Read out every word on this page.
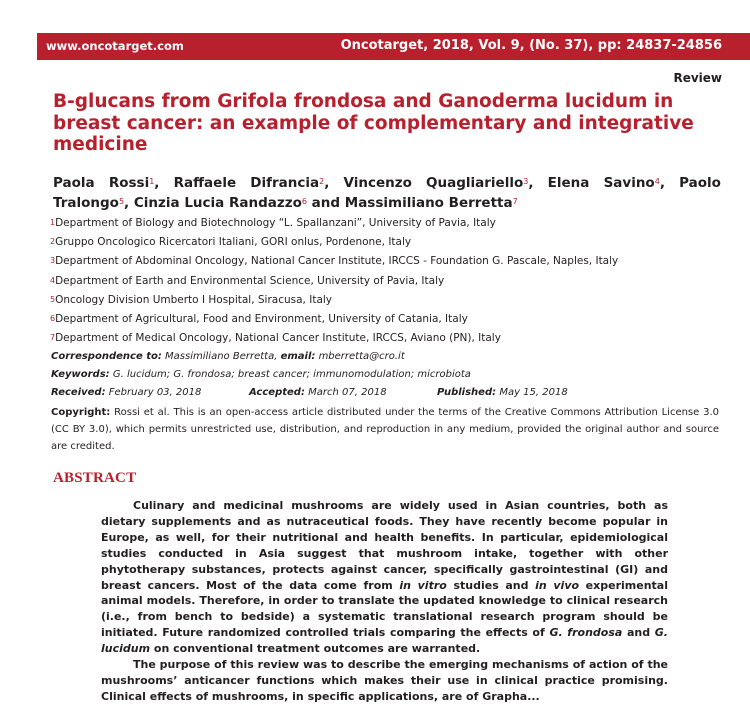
www.oncotarget.com	Oncotarget, 2018, Vol. 9, (No. 37), pp: 24837-24856
Review
B-glucans from Grifola frondosa and Ganoderma lucidum in breast cancer: an example of complementary and integrative medicine
Paola Rossi$^1$, Raffaele Difrancia$^2$, Vincenzo Quagliariello$^3$, Elena Savino$^4$, Paolo Tralongo$^5$, Cinzia Lucia Randazzo$^6$ and Massimiliano Berretta$^7$
$^1$Department of Biology and Biotechnology “L. Spallanzani”, University of Pavia, Italy
$^2$Gruppo Oncologico Ricercatori Italiani, GORI onlus, Pordenone, Italy
$^3$Department of Abdominal Oncology, National Cancer Institute, IRCCS - Foundation G. Pascale, Naples, Italy
$^4$Department of Earth and Environmental Science, University of Pavia, Italy
$^5$Oncology Division Umberto I Hospital, Siracusa, Italy
$^6$Department of Agricultural, Food and Environment, University of Catania, Italy
$^7$Department of Medical Oncology, National Cancer Institute, IRCCS, Aviano (PN), Italy
Correspondence to: Massimiliano Berretta, email: mberretta@cro.it
Keywords: G. lucidum; G. frondosa; breast cancer; immunomodulation; microbiota
Received: February 03, 2018	Accepted: March 07, 2018	Published: May 15, 2018
Copyright: Rossi et al. This is an open-access article distributed under the terms of the Creative Commons Attribution License 3.0 (CC BY 3.0), which permits unrestricted use, distribution, and reproduction in any medium, provided the original author and source are credited.
ABSTRACT

Culinary and medicinal mushrooms are widely used in Asian countries, both as dietary supplements and as nutraceutical foods. They have recently become popular in Europe, as well, for their nutritional and health benefits. In particular, epidemiological studies conducted in Asia suggest that mushroom intake, together with other phytotherapy substances, protects against cancer, specifically gastrointestinal (GI) and breast cancers. Most of the data come from in vitro studies and in vivo experimental animal models. Therefore, in order to translate the updated knowledge to clinical research (i.e., from bench to bedside) a systematic translational research program should be initiated. Future randomized controlled trials comparing the effects of G. frondosa and G. lucidum on conventional treatment outcomes are warranted.

The purpose of this review was to describe the emerging mechanisms of action of the mushrooms’ anticancer functions which makes their use in clinical practice promising. Clinical effects of mushrooms, in specific applications, are of Grapha...
